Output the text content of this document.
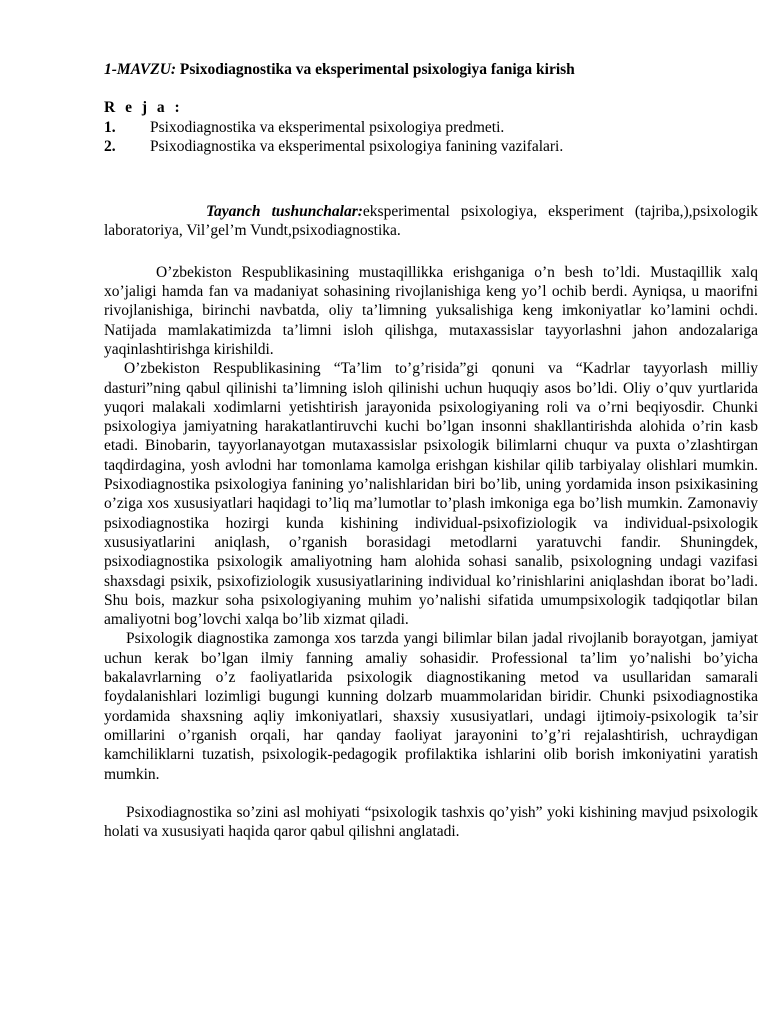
1-MAVZU: Psixodiagnostika va eksperimental psixologiya faniga kirish

R e j a :

1.	Psixodiagnostika va eksperimental psixologiya predmeti.
2.	Psixodiagnostika va eksperimental psixologiya fanining vazifalari.

Tayanch tushunchalar:eksperimental psixologiya, eksperiment (tajriba,),psixologik laboratoriya, Vil’gel’m Vundt,psixodiagnostika.

O’zbekiston Respublikasining mustaqillikka erishganiga o’n besh to’ldi. Mustaqillik xalq xo’jaligi hamda fan va madaniyat sohasining rivojlanishiga keng yo’l ochib berdi. Ayniqsa, u maorifni rivojlanishiga, birinchi navbatda, oliy ta’limning yuksalishiga keng imkoniyatlar ko’lamini ochdi. Natijada mamlakatimizda ta’limni isloh qilishga, mutaxassislar tayyorlashni jahon andozalariga yaqinlashtirishga kirishildi.

O’zbekiston Respublikasining “Ta’lim to’g’risida”gi qonuni va “Kadrlar tayyorlash milliy dasturi”ning qabul qilinishi ta’limning isloh qilinishi uchun huquqiy asos bo’ldi. Oliy o’quv yurtlarida yuqori malakali xodimlarni yetishtirish jarayonida psixologiyaning roli va o’rni beqiyosdir. Chunki psixologiya jamiyatning harakatlantiruvchi kuchi bo’lgan insonni shakllantirishda alohida o’rin kasb etadi. Binobarin, tayyorlanayotgan mutaxassislar psixologik bilimlarni chuqur va puxta o’zlashtirgan taqdirdagina, yosh avlodni har tomonlama kamolga erishgan kishilar qilib tarbiyalay olishlari mumkin. Psixodiagnostika psixologiya fanining yo’nalishlaridan biri bo’lib, uning yordamida inson psixikasining o’ziga xos xususiyatlari haqidagi to’liq ma’lumotlar to’plash imkoniga ega bo’lish mumkin. Zamonaviy psixodiagnostika hozirgi kunda kishining individual-psixofiziologik va individual-psixologik xususiyatlarini aniqlash, o’rganish borasidagi metodlarni yaratuvchi fandir. Shuningdek, psixodiagnostika psixologik amaliyotning ham alohida sohasi sanalib, psixologning undagi vazifasi shaxsdagi psixik, psixofiziologik xususiyatlarining individual ko’rinishlarini aniqlashdan iborat bo’ladi. Shu bois, mazkur soha psixologiyaning muhim yo’nalishi sifatida umumpsixologik tadqiqotlar bilan amaliyotni bog’lovchi xalqa bo’lib xizmat qiladi.

Psixologik diagnostika zamonga xos tarzda yangi bilimlar bilan jadal rivojlanib borayotgan, jamiyat uchun kerak bo’lgan ilmiy fanning amaliy sohasidir. Professional ta’lim yo’nalishi bo’yicha bakalavrlarning o’z faoliyatlarida psixologik diagnostikaning metod va usullaridan samarali foydalanishlari lozimligi bugungi kunning dolzarb muammolaridan biridir. Chunki psixodiagnostika yordamida shaxsning aqliy imkoniyatlari, shaxsiy xususiyatlari, undagi ijtimoiy-psixologik ta’sir omillarini o’rganish orqali, har qanday faoliyat jarayonini to’g’ri rejalashtirish, uchraydigan kamchiliklarni tuzatish, psixologik-pedagogik profilaktika ishlarini olib borish imkoniyatini yaratish mumkin.

Psixodiagnostika so’zini asl mohiyati “psixologik tashxis qo’yish” yoki kishining mavjud psixologik holati va xususiyati haqida qaror qabul qilishni anglatadi.
